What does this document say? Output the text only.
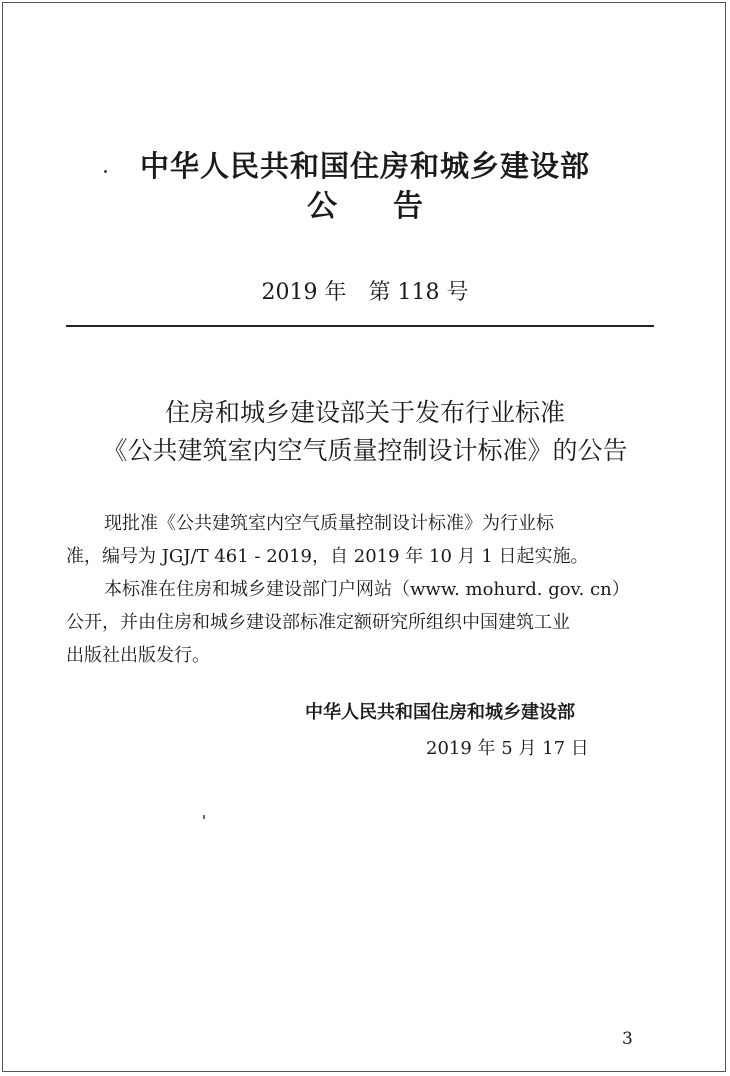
中华人民共和国住房和城乡建设部
公告
2019 年　第 118 号
住房和城乡建设部关于发布行业标准
《公共建筑室内空气质量控制设计标准》的公告
现批准《公共建筑室内空气质量控制设计标准》为行业标
准，编号为 JGJ/T 461 - 2019，自 2019 年 10 月 1 日起实施。
本标准在住房和城乡建设部门户网站（www. mohurd. gov. cn）
公开，并由住房和城乡建设部标准定额研究所组织中国建筑工业
出版社出版发行。
中华人民共和国住房和城乡建设部
2019 年 5 月 17 日
3
